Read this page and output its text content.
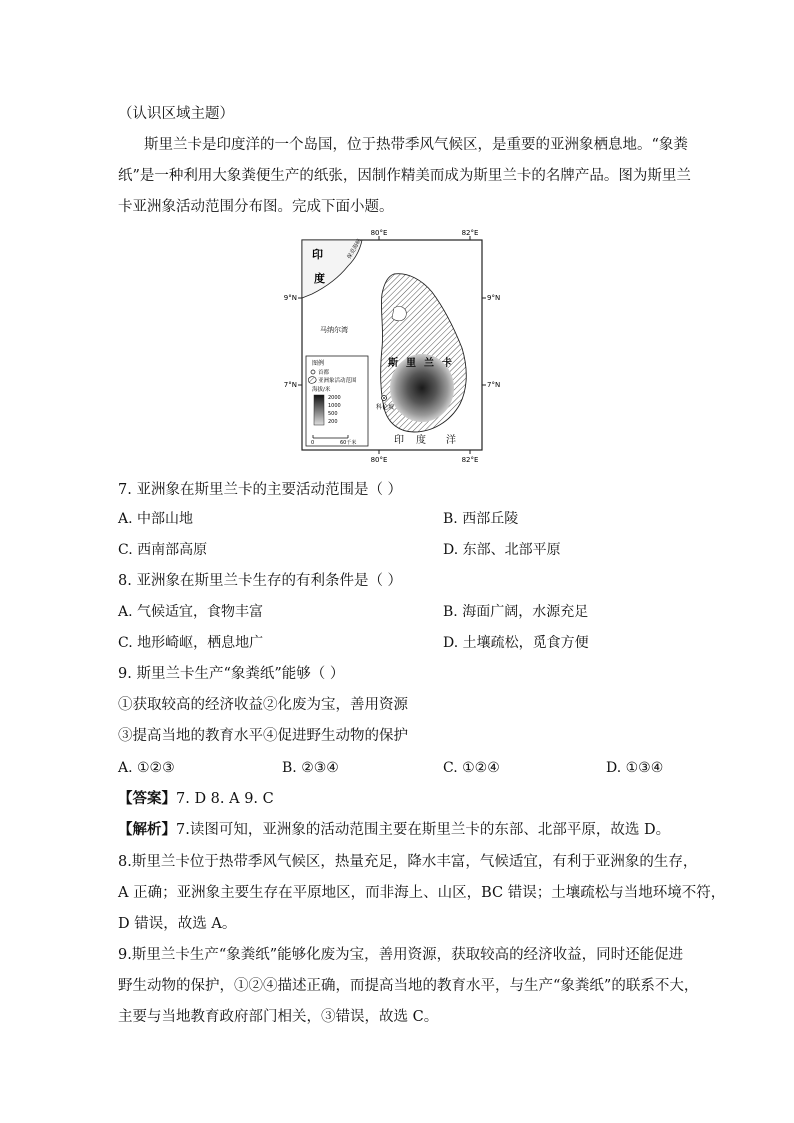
（认识区域主题）
斯里兰卡是印度洋的一个岛国，位于热带季风气候区，是重要的亚洲象栖息地。“象粪
纸”是一种利用大象粪便生产的纸张，因制作精美而成为斯里兰卡的名牌产品。图为斯里兰
卡亚洲象活动范围分布图。完成下面小题。
80°E	82°E
80°E	82°E
9°N	9°N
7°N	7°N
印
度
保克海峡
马纳尔湾
斯 里 兰 卡
科伦坡
印 度 洋
图例
首都
亚洲象活动范围
海拔/米
2000
1000
500
200
0	60千米
7. 亚洲象在斯里兰卡的主要活动范围是（ ）
A. 中部山地	B. 西部丘陵
C. 西南部高原	D. 东部、北部平原
8. 亚洲象在斯里兰卡生存的有利条件是（ ）
A. 气候适宜，食物丰富	B. 海面广阔，水源充足
C. 地形崎岖，栖息地广	D. 土壤疏松，觅食方便
9. 斯里兰卡生产“象粪纸”能够（ ）
①获取较高的经济收益②化废为宝，善用资源
③提高当地的教育水平④促进野生动物的保护
A. ①②③	B. ②③④	C. ①②④	D. ①③④
【答案】7. D 8. A 9. C
【解析】7.读图可知，亚洲象的活动范围主要在斯里兰卡的东部、北部平原，故选 D。
8.斯里兰卡位于热带季风气候区，热量充足，降水丰富，气候适宜，有利于亚洲象的生存，
A 正确；亚洲象主要生存在平原地区，而非海上、山区，BC 错误；土壤疏松与当地环境不符，
D 错误，故选 A。
9.斯里兰卡生产“象粪纸”能够化废为宝，善用资源，获取较高的经济收益，同时还能促进
野生动物的保护，①②④描述正确，而提高当地的教育水平，与生产“象粪纸”的联系不大，
主要与当地教育政府部门相关，③错误，故选 C。
